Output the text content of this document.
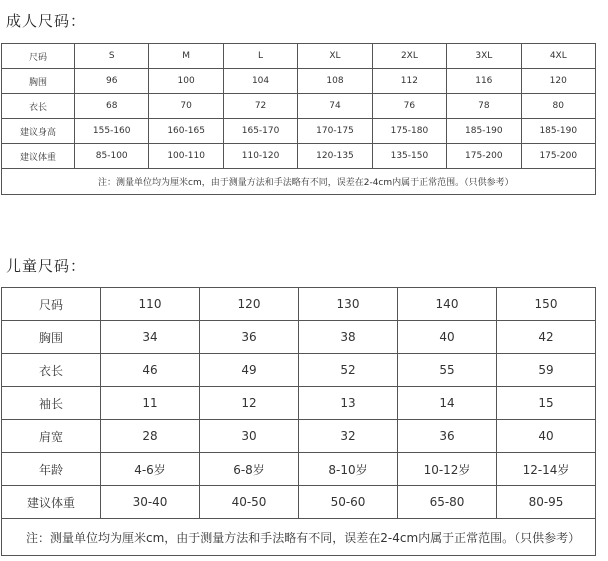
成人尺码：
尺码	S	M	L	XL	2XL	3XL	4XL
胸围	96	100	104	108	112	116	120
衣长	68	70	72	74	76	78	80
建议身高	155-160	160-165	165-170	170-175	175-180	185-190	185-190
建议体重	85-100	100-110	110-120	120-135	135-150	175-200	175-200
注：测量单位均为厘米cm，由于测量方法和手法略有不同，误差在2-4cm内属于正常范围。（只供参考）							
儿童尺码：
尺码	110	120	130	140	150
胸围	34	36	38	40	42
衣长	46	49	52	55	59
袖长	11	12	13	14	15
肩宽	28	30	32	36	40
年龄	4-6岁	6-8岁	8-10岁	10-12岁	12-14岁
建议体重	30-40	40-50	50-60	65-80	80-95
注：测量单位均为厘米cm，由于测量方法和手法略有不同，误差在2-4cm内属于正常范围。（只供参考）					
